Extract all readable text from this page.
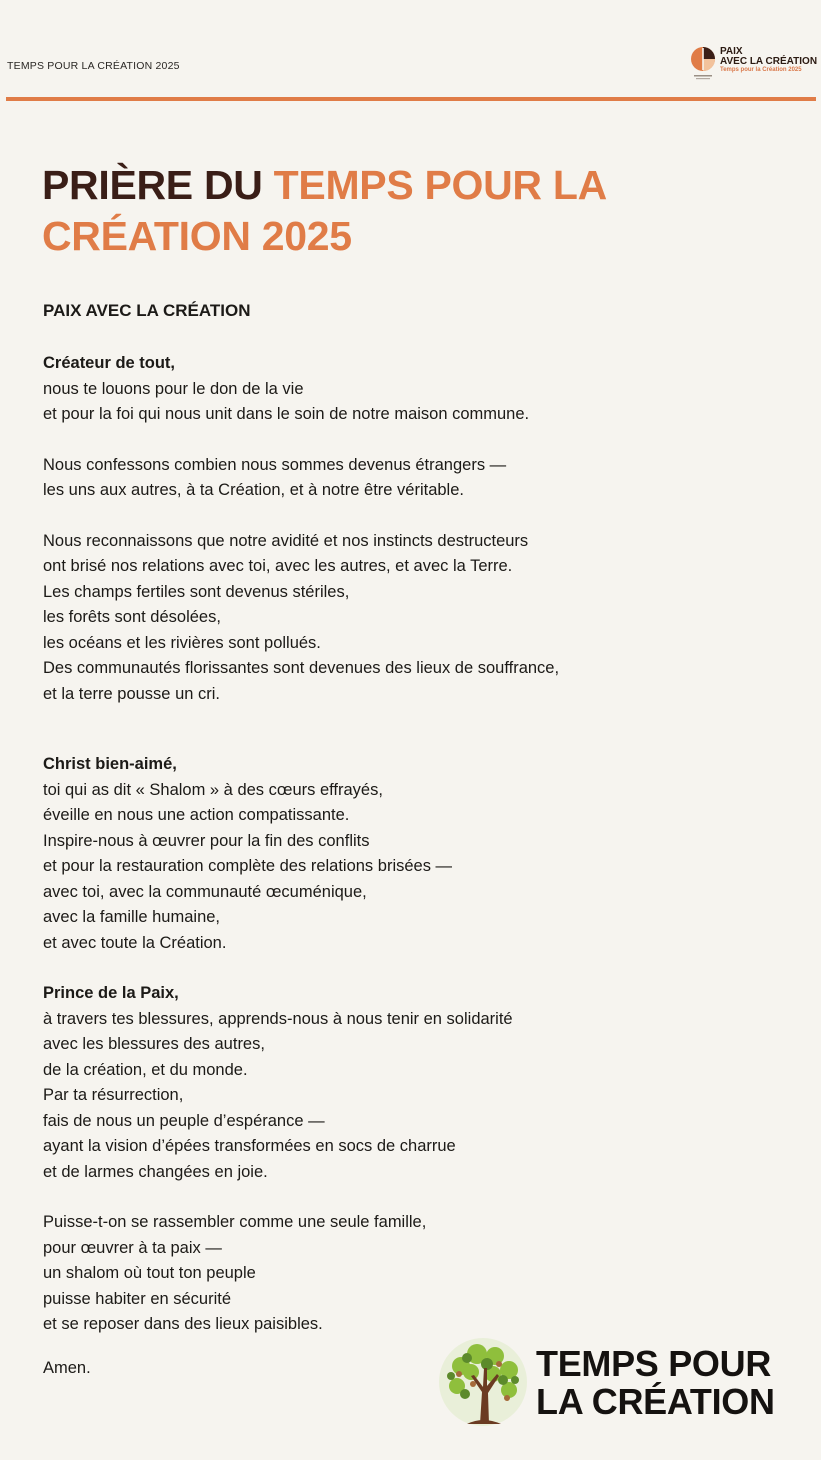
TEMPS POUR LA CRÉATION 2025
PAIX
AVEC LA CRÉATION
Temps pour la Création 2025
PRIÈRE DU TEMPS POUR LA CRÉATION 2025
PAIX AVEC LA CRÉATION
Créateur de tout,
nous te louons pour le don de la vie
et pour la foi qui nous unit dans le soin de notre maison commune.
Nous confessons combien nous sommes devenus étrangers —
les uns aux autres, à ta Création, et à notre être véritable.
Nous reconnaissons que notre avidité et nos instincts destructeurs
ont brisé nos relations avec toi, avec les autres, et avec la Terre.
Les champs fertiles sont devenus stériles,
les forêts sont désolées,
les océans et les rivières sont pollués.
Des communautés florissantes sont devenues des lieux de souffrance,
et la terre pousse un cri.
Christ bien-aimé,
toi qui as dit « Shalom » à des cœurs effrayés,
éveille en nous une action compatissante.
Inspire-nous à œuvrer pour la fin des conflits
et pour la restauration complète des relations brisées —
avec toi, avec la communauté œcuménique,
avec la famille humaine,
et avec toute la Création.
Prince de la Paix,
à travers tes blessures, apprends-nous à nous tenir en solidarité
avec les blessures des autres,
de la création, et du monde.
Par ta résurrection,
fais de nous un peuple d’espérance —
ayant la vision d’épées transformées en socs de charrue
et de larmes changées en joie.
Puisse-t-on se rassembler comme une seule famille,
pour œuvrer à ta paix —
un shalom où tout ton peuple
puisse habiter en sécurité
et se reposer dans des lieux paisibles.
Amen.	TEMPS POUR
LA CRÉATION
